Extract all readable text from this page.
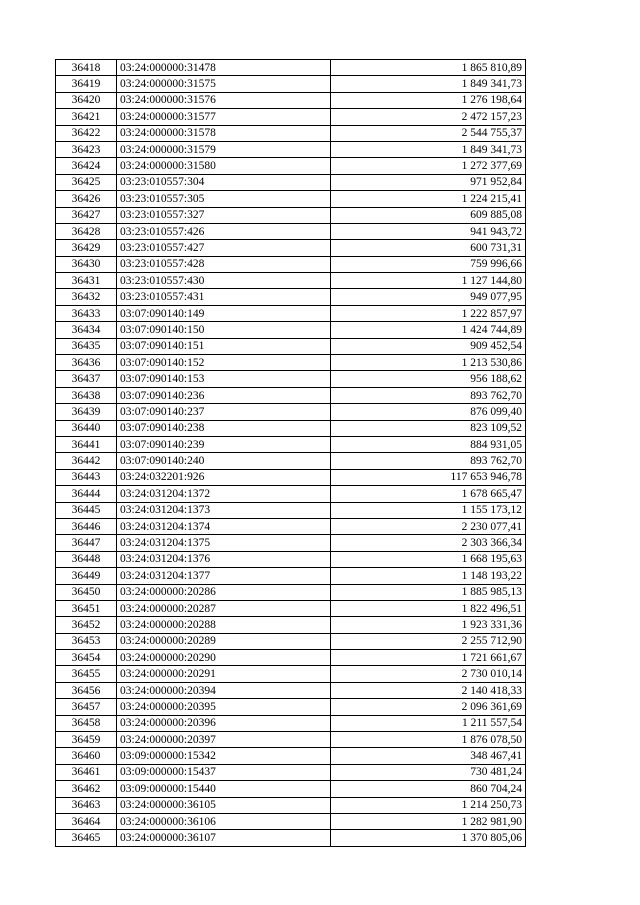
36418	03:24:000000:31478	1 865 810,89
36419	03:24:000000:31575	1 849 341,73
36420	03:24:000000:31576	1 276 198,64
36421	03:24:000000:31577	2 472 157,23
36422	03:24:000000:31578	2 544 755,37
36423	03:24:000000:31579	1 849 341,73
36424	03:24:000000:31580	1 272 377,69
36425	03:23:010557:304	971 952,84
36426	03:23:010557:305	1 224 215,41
36427	03:23:010557:327	609 885,08
36428	03:23:010557:426	941 943,72
36429	03:23:010557:427	600 731,31
36430	03:23:010557:428	759 996,66
36431	03:23:010557:430	1 127 144,80
36432	03:23:010557:431	949 077,95
36433	03:07:090140:149	1 222 857,97
36434	03:07:090140:150	1 424 744,89
36435	03:07:090140:151	909 452,54
36436	03:07:090140:152	1 213 530,86
36437	03:07:090140:153	956 188,62
36438	03:07:090140:236	893 762,70
36439	03:07:090140:237	876 099,40
36440	03:07:090140:238	823 109,52
36441	03:07:090140:239	884 931,05
36442	03:07:090140:240	893 762,70
36443	03:24:032201:926	117 653 946,78
36444	03:24:031204:1372	1 678 665,47
36445	03:24:031204:1373	1 155 173,12
36446	03:24:031204:1374	2 230 077,41
36447	03:24:031204:1375	2 303 366,34
36448	03:24:031204:1376	1 668 195,63
36449	03:24:031204:1377	1 148 193,22
36450	03:24:000000:20286	1 885 985,13
36451	03:24:000000:20287	1 822 496,51
36452	03:24:000000:20288	1 923 331,36
36453	03:24:000000:20289	2 255 712,90
36454	03:24:000000:20290	1 721 661,67
36455	03:24:000000:20291	2 730 010,14
36456	03:24:000000:20394	2 140 418,33
36457	03:24:000000:20395	2 096 361,69
36458	03:24:000000:20396	1 211 557,54
36459	03:24:000000:20397	1 876 078,50
36460	03:09:000000:15342	348 467,41
36461	03:09:000000:15437	730 481,24
36462	03:09:000000:15440	860 704,24
36463	03:24:000000:36105	1 214 250,73
36464	03:24:000000:36106	1 282 981,90
36465	03:24:000000:36107	1 370 805,06
